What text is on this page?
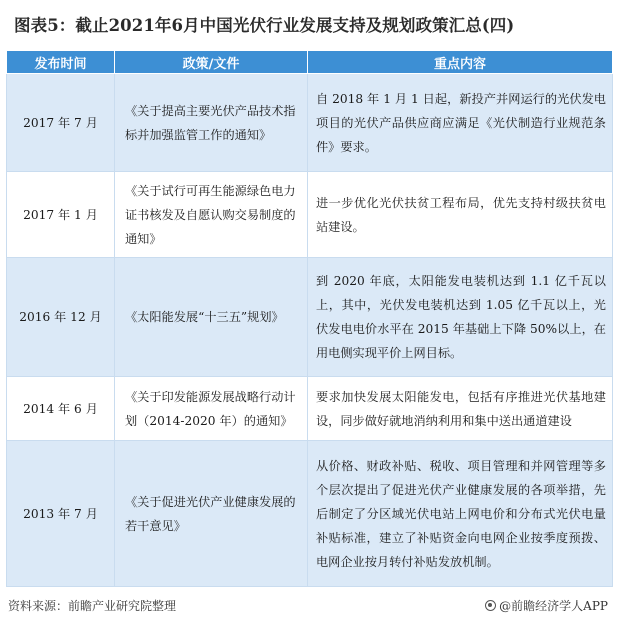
图表5：截止2021年6月中国光伏行业发展支持及规划政策汇总(四)
发布时间	政策/文件	重点内容
2017 年 7 月	《关于提高主要光伏产品技术指标并加强监管工作的通知》	自 2018 年 1 月 1 日起，新投产并网运行的光伏发电项目的光伏产品供应商应满足《光伏制造行业规范条件》要求。
2017 年 1 月	《关于试行可再生能源绿色电力证书核发及自愿认购交易制度的通知》	进一步优化光伏扶贫工程布局，优先支持村级扶贫电站建设。
2016 年 12 月	《太阳能发展“十三五”规划》	到 2020 年底，太阳能发电装机达到 1.1 亿千瓦以上，其中，光伏发电装机达到 1.05 亿千瓦以上，光伏发电电价水平在 2015 年基础上下降 50%以上，在用电侧实现平价上网目标。
2014 年 6 月	《关于印发能源发展战略行动计划（2014-2020 年）的通知》	要求加快发展太阳能发电，包括有序推进光伏基地建设，同步做好就地消纳利用和集中送出通道建设
2013 年 7 月	《关于促进光伏产业健康发展的若干意见》	从价格、财政补贴、税收、项目管理和并网管理等多个层次提出了促进光伏产业健康发展的各项举措，先后制定了分区域光伏电站上网电价和分布式光伏电量补贴标准，建立了补贴资金向电网企业按季度预拨、电网企业按月转付补贴发放机制。
资料来源：前瞻产业研究院整理	@前瞻经济学人APP
